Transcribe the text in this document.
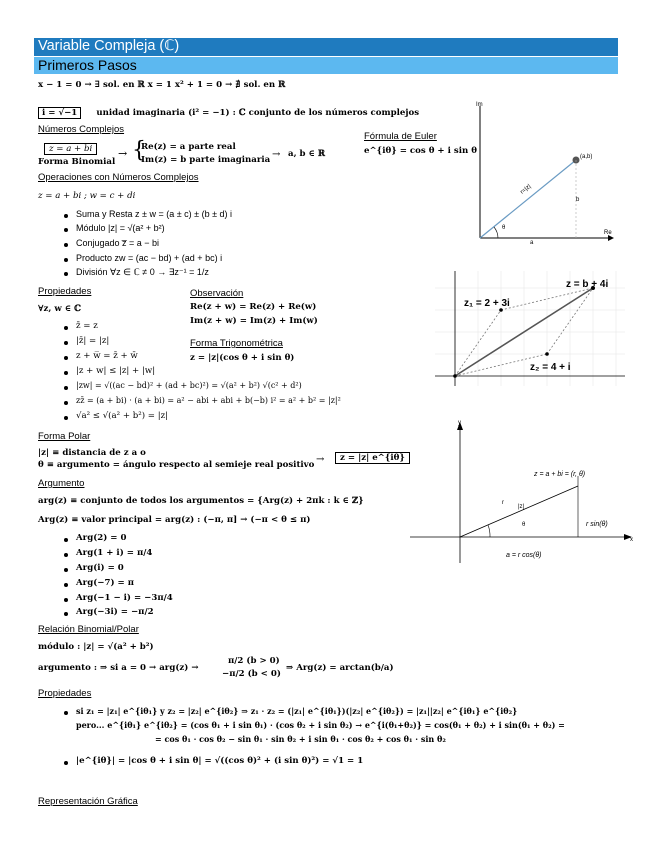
Variable Compleja (ℂ)
Primeros Pasos
x − 1 = 0 → ∃ sol. en ℝ x = 1 x² + 1 = 0 → ∄ sol. en ℝ
i = √−1 unidad imaginaria (i² = −1) : ℂ conjunto de los números complejos
Números Complejos
z = a + bi
Forma Binomial
→ {
Re(z) = a parte real
Im(z) = b parte imaginaria → a, b ∈ ℝ
Fórmula de Euler
e^{iθ} = cos θ + i sin θ
Operaciones con Números Complejos
z = a + bi ; w = c + di
Suma y Resta z ± w = (a ± c) ± (b ± d) i
Módulo |z| = √(a² + b²)
Conjugado z̅ = a − bi
Producto zw = (ac − bd) + (ad + bc) i
División ∀z ∈ ℂ ≠ 0 → ∃z⁻¹ = 1/z
Propiedades
∀z, w ∈ ℂ
z̄̄ = z
|z̄| = |z|
z + w̅ = z̄ + w̄
|z + w| ≤ |z| + |w|
|zw| = √((ac − bd)² + (ad + bc)²) = √(a² + b²) √(c² + d²)
zz̄ = (a + bi) · (a + bi) = a² − abi + abi + b(−b) i² = a² + b² = |z|²
√a² ≤ √(a² + b²) = |z|
Observación
Re(z + w) = Re(z) + Re(w)
Im(z + w) = Im(z) + Im(w)
Forma Trigonométrica
z = |z|(cos θ + i sin θ)
Forma Polar
|z| ≡ distancia de z a o
θ ≡ argumento = ángulo respecto al semieje real positivo →	z = |z| e^{iθ}
Argumento
arg(z) ≡ conjunto de todos los argumentos = {Arg(z) + 2πk : k ∈ ℤ}
Arg(z) ≡ valor principal = arg(z) : (−π, π] → (−π < θ ≤ π)
Arg(2) = 0
Arg(1 + i) = π/4
Arg(i) = 0
Arg(−7) = π
Arg(−1 − i) = −3π/4
Arg(−3i) = −π/2
Relación Binomial/Polar
módulo : |z| = √(a² + b²)
argumento : ⇒ si a = 0 → arg(z) →
π/2 (b > 0)
−π/2 (b < 0)
⇒ Arg(z) = arctan(b/a)
Propiedades
si z₁ = |z₁| e^{iθ₁} y z₂ = |z₂| e^{iθ₂} ⇒ z₁ · z₂ = (|z₁| e^{iθ₁})(|z₂| e^{iθ₂}) = |z₁||z₂| e^{iθ₁} e^{iθ₂}
pero... e^{iθ₁} e^{iθ₂} = (cos θ₁ + i sin θ₁) · (cos θ₂ + i sin θ₂) → e^{i(θ₁+θ₂)} = cos(θ₁ + θ₂) + i sin(θ₁ + θ₂) =
= cos θ₁ · cos θ₂ − sin θ₁ · sin θ₂ + i sin θ₁ · cos θ₂ + cos θ₁ · sin θ₂
|e^{iθ}| = |cos θ + i sin θ| = √((cos θ)² + (i sin θ)²) = √1 = 1
Representación Gráfica
Im
Re
(a,b)
r=|z|
b
a
θ
z = b + 4i
z₁ = 2 + 3i
z₂ = 4 + i
y
x
z = a + bi = (r, θ)
r
|z|
θ	r sin(θ)
a = r cos(θ)
